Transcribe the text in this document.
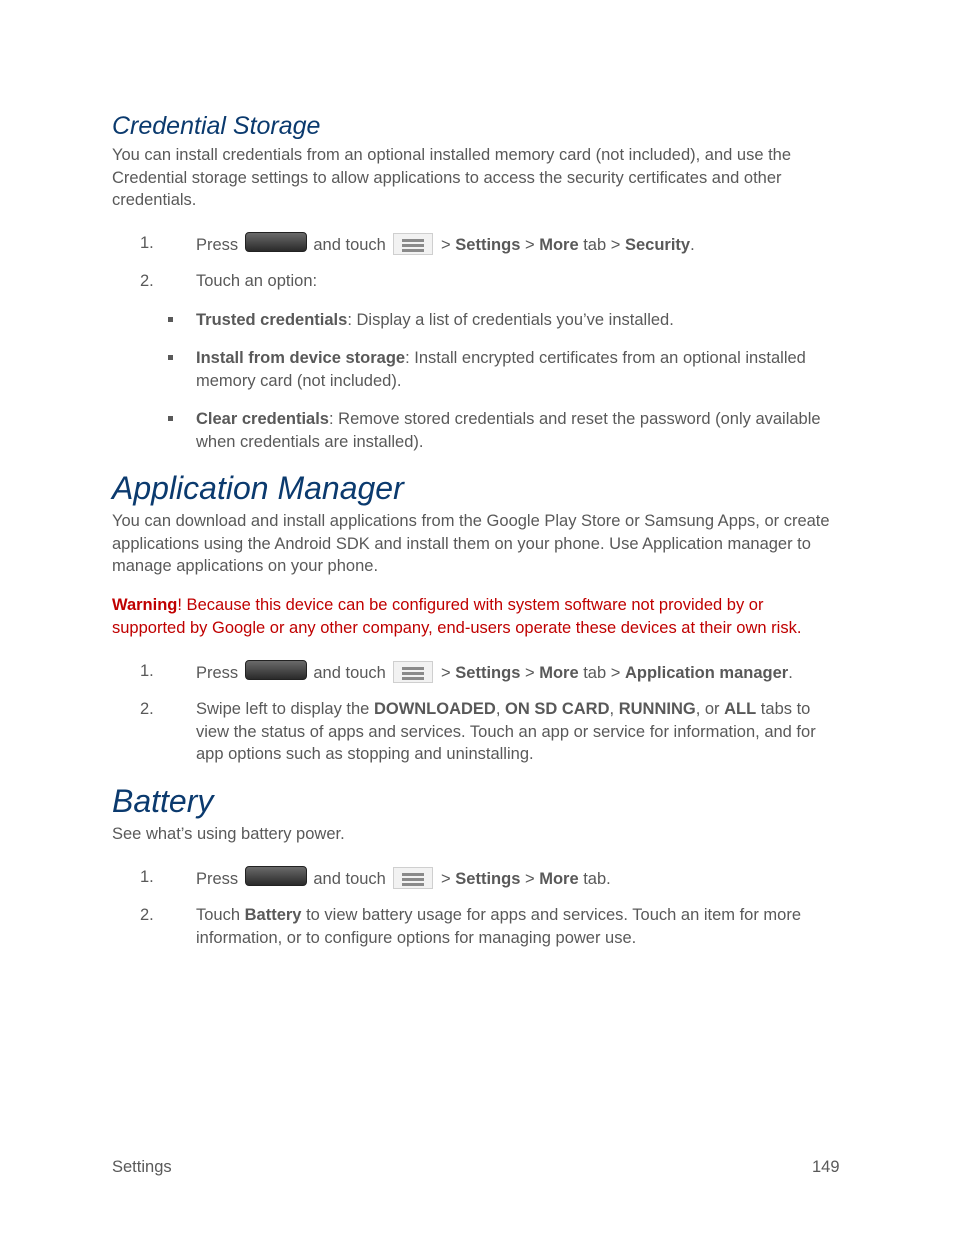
Credential Storage

You can install credentials from an optional installed memory card (not included), and use the Credential storage settings to allow applications to access the security certificates and other credentials.

1.	Press	and touch	> Settings > More tab > Security.
2.	Touch an option:
Trusted credentials: Display a list of credentials you’ve installed.
Install from device storage: Install encrypted certificates from an optional installed memory card (not included).
Clear credentials: Remove stored credentials and reset the password (only available when credentials are installed).
Application Manager

You can download and install applications from the Google Play Store or Samsung Apps, or create applications using the Android SDK and install them on your phone. Use Application manager to manage applications on your phone.

Warning! Because this device can be configured with system software not provided by or supported by Google or any other company, end-users operate these devices at their own risk.

1.	Press	and touch	> Settings > More tab > Application manager.
2.	Swipe left to display the DOWNLOADED, ON SD CARD, RUNNING, or ALL tabs to view the status of apps and services. Touch an app or service for information, and for app options such as stopping and uninstalling.
Battery

See what’s using battery power.

1.	Press	and touch	> Settings > More tab.
2.	Touch Battery to view battery usage for apps and services. Touch an item for more information, or to configure options for managing power use.
Settings	149
